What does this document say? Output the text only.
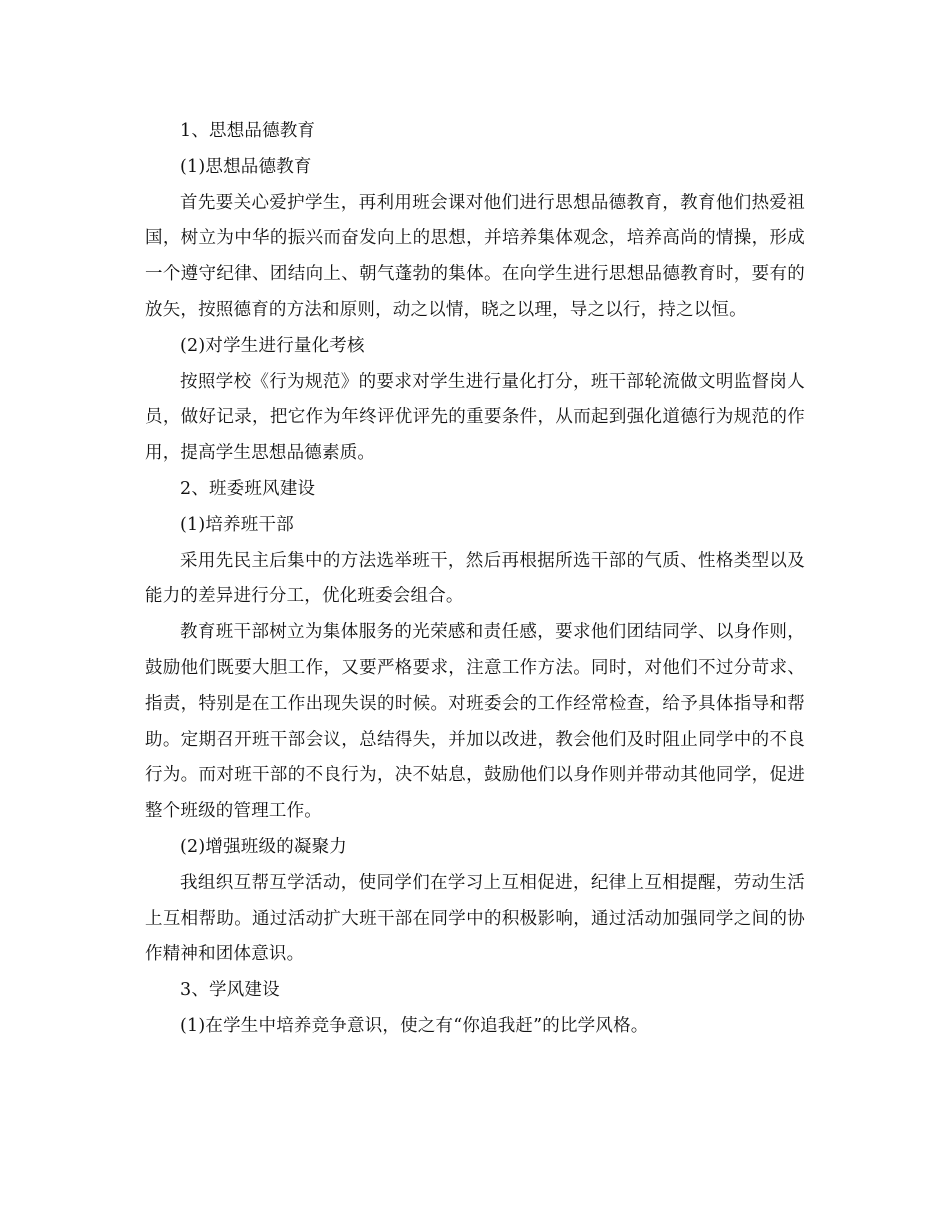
1、思想品德教育

(1)思想品德教育

首先要关心爱护学生，再利用班会课对他们进行思想品德教育，教育他们热爱祖国，树立为中华的振兴而奋发向上的思想，并培养集体观念，培养高尚的情操，形成一个遵守纪律、团结向上、朝气蓬勃的集体。在向学生进行思想品德教育时，要有的放矢，按照德育的方法和原则，动之以情，晓之以理，导之以行，持之以恒。

(2)对学生进行量化考核

按照学校《行为规范》的要求对学生进行量化打分，班干部轮流做文明监督岗人员，做好记录，把它作为年终评优评先的重要条件，从而起到强化道德行为规范的作用，提高学生思想品德素质。

2、班委班风建设

(1)培养班干部

采用先民主后集中的方法选举班干，然后再根据所选干部的气质、性格类型以及能力的差异进行分工，优化班委会组合。

教育班干部树立为集体服务的光荣感和责任感，要求他们团结同学、以身作则，鼓励他们既要大胆工作，又要严格要求，注意工作方法。同时，对他们不过分苛求、指责，特别是在工作出现失误的时候。对班委会的工作经常检查，给予具体指导和帮助。定期召开班干部会议，总结得失，并加以改进，教会他们及时阻止同学中的不良行为。而对班干部的不良行为，决不姑息，鼓励他们以身作则并带动其他同学，促进整个班级的管理工作。

(2)增强班级的凝聚力

我组织互帮互学活动，使同学们在学习上互相促进，纪律上互相提醒，劳动生活上互相帮助。通过活动扩大班干部在同学中的积极影响，通过活动加强同学之间的协作精神和团体意识。

3、学风建设

(1)在学生中培养竞争意识，使之有“你追我赶”的比学风格。
